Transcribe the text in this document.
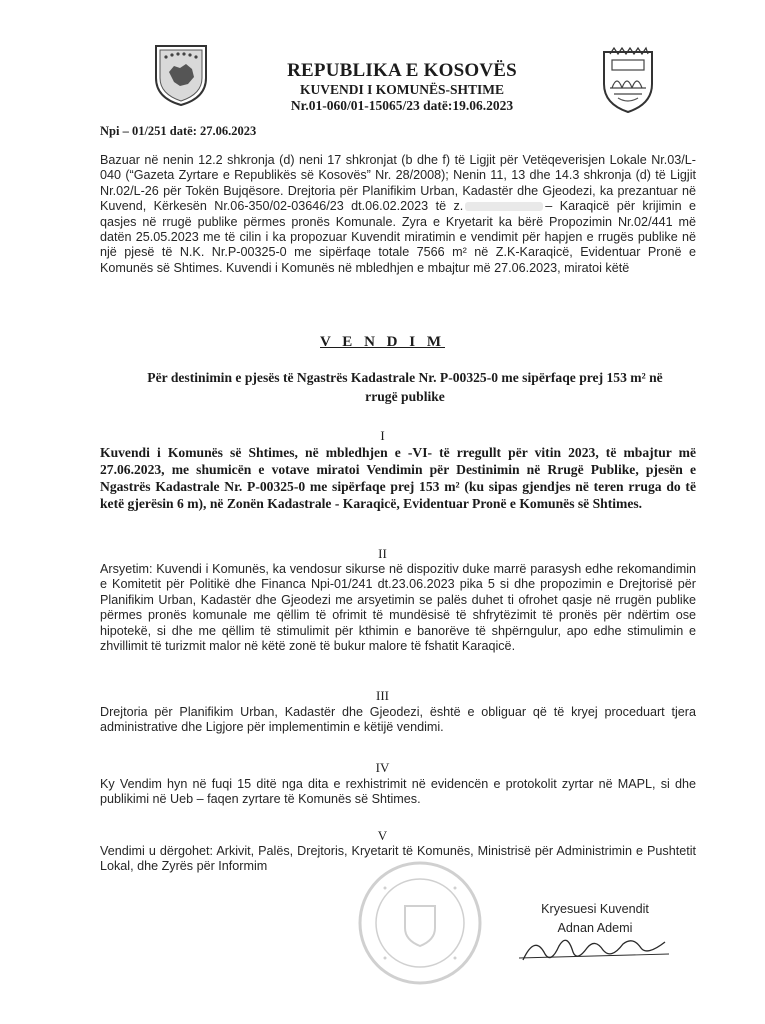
REPUBLIKA E KOSOVËS
KUVENDI I KOMUNËS-SHTIME
Nr.01-060/01-15065/23 datë:19.06.2023
Npi – 01/251 datë: 27.06.2023
Bazuar në nenin 12.2 shkronja (d) neni 17 shkronjat (b dhe f) të Ligjit për Vetëqeverisjen Lokale Nr.03/L-040 (“Gazeta Zyrtare e Republikës së Kosovës” Nr. 28/2008); Nenin 11, 13 dhe 14.3 shkronja (d) të Ligjit Nr.02/L-26 për Tokën Bujqësore. Drejtoria për Planifikim Urban, Kadastër dhe Gjeodezi, ka prezantuar në Kuvend, Kërkesën Nr.06-350/02-03646/23 dt.06.02.2023 të z.	– Karaqicë për krijimin e qasjes në rrugë publike përmes pronës Komunale. Zyra e Kryetarit ka bërë Propozimin Nr.02/441 më datën 25.05.2023 me të cilin i ka propozuar Kuvendit miratimin e vendimit për hapjen e rrugës publike në një pjesë të N.K. Nr.P-00325-0 me sipërfaqe totale 7566 m² në Z.K-Karaqicë, Evidentuar Pronë e Komunës së Shtimes. Kuvendi i Komunës në mbledhjen e mbajtur më 27.06.2023, miratoi këtë
V E N D I M
Për destinimin e pjesës të Ngastrës Kadastrale Nr. P-00325-0 me sipërfaqe prej 153 m² në rrugë publike
I
Kuvendi i Komunës së Shtimes, në mbledhjen e -VI- të rregullt për vitin 2023, të mbajtur më 27.06.2023, me shumicën e votave miratoi Vendimin për Destinimin në Rrugë Publike, pjesën e Ngastrës Kadastrale Nr. P-00325-0 me sipërfaqe prej 153 m² (ku sipas gjendjes në teren rruga do të ketë gjerësin 6 m), në Zonën Kadastrale - Karaqicë, Evidentuar Pronë e Komunës së Shtimes.
II
Arsyetim: Kuvendi i Komunës, ka vendosur sikurse në dispozitiv duke marrë parasysh edhe rekomandimin e Komitetit për Politikë dhe Financa Npi-01/241 dt.23.06.2023 pika 5 si dhe propozimin e Drejtorisë për Planifikim Urban, Kadastër dhe Gjeodezi me arsyetimin se palës duhet ti ofrohet qasje në rrugën publike përmes pronës komunale me qëllim të ofrimit të mundësisë të shfrytëzimit të pronës për ndërtim ose hipotekë, si dhe me qëllim të stimulimit për kthimin e banorëve të shpërngulur, apo edhe stimulimin e zhvillimit të turizmit malor në këtë zonë të bukur malore të fshatit Karaqicë.
III
Drejtoria për Planifikim Urban, Kadastër dhe Gjeodezi, është e obliguar që të kryej proceduart tjera administrative dhe Ligjore për implementimin e këtijë vendimi.
IV
Ky Vendim hyn në fuqi 15 ditë nga dita e rexhistrimit në evidencën e protokolit zyrtar në MAPL, si dhe publikimi në Ueb – faqen zyrtare të Komunës së Shtimes.
V
Vendimi u dërgohet: Arkivit, Palës, Drejtoris, Kryetarit të Komunës, Ministrisë për Administrimin e Pushtetit Lokal, dhe Zyrës për Informim
Kryesuesi Kuvendit
Adnan Ademi
